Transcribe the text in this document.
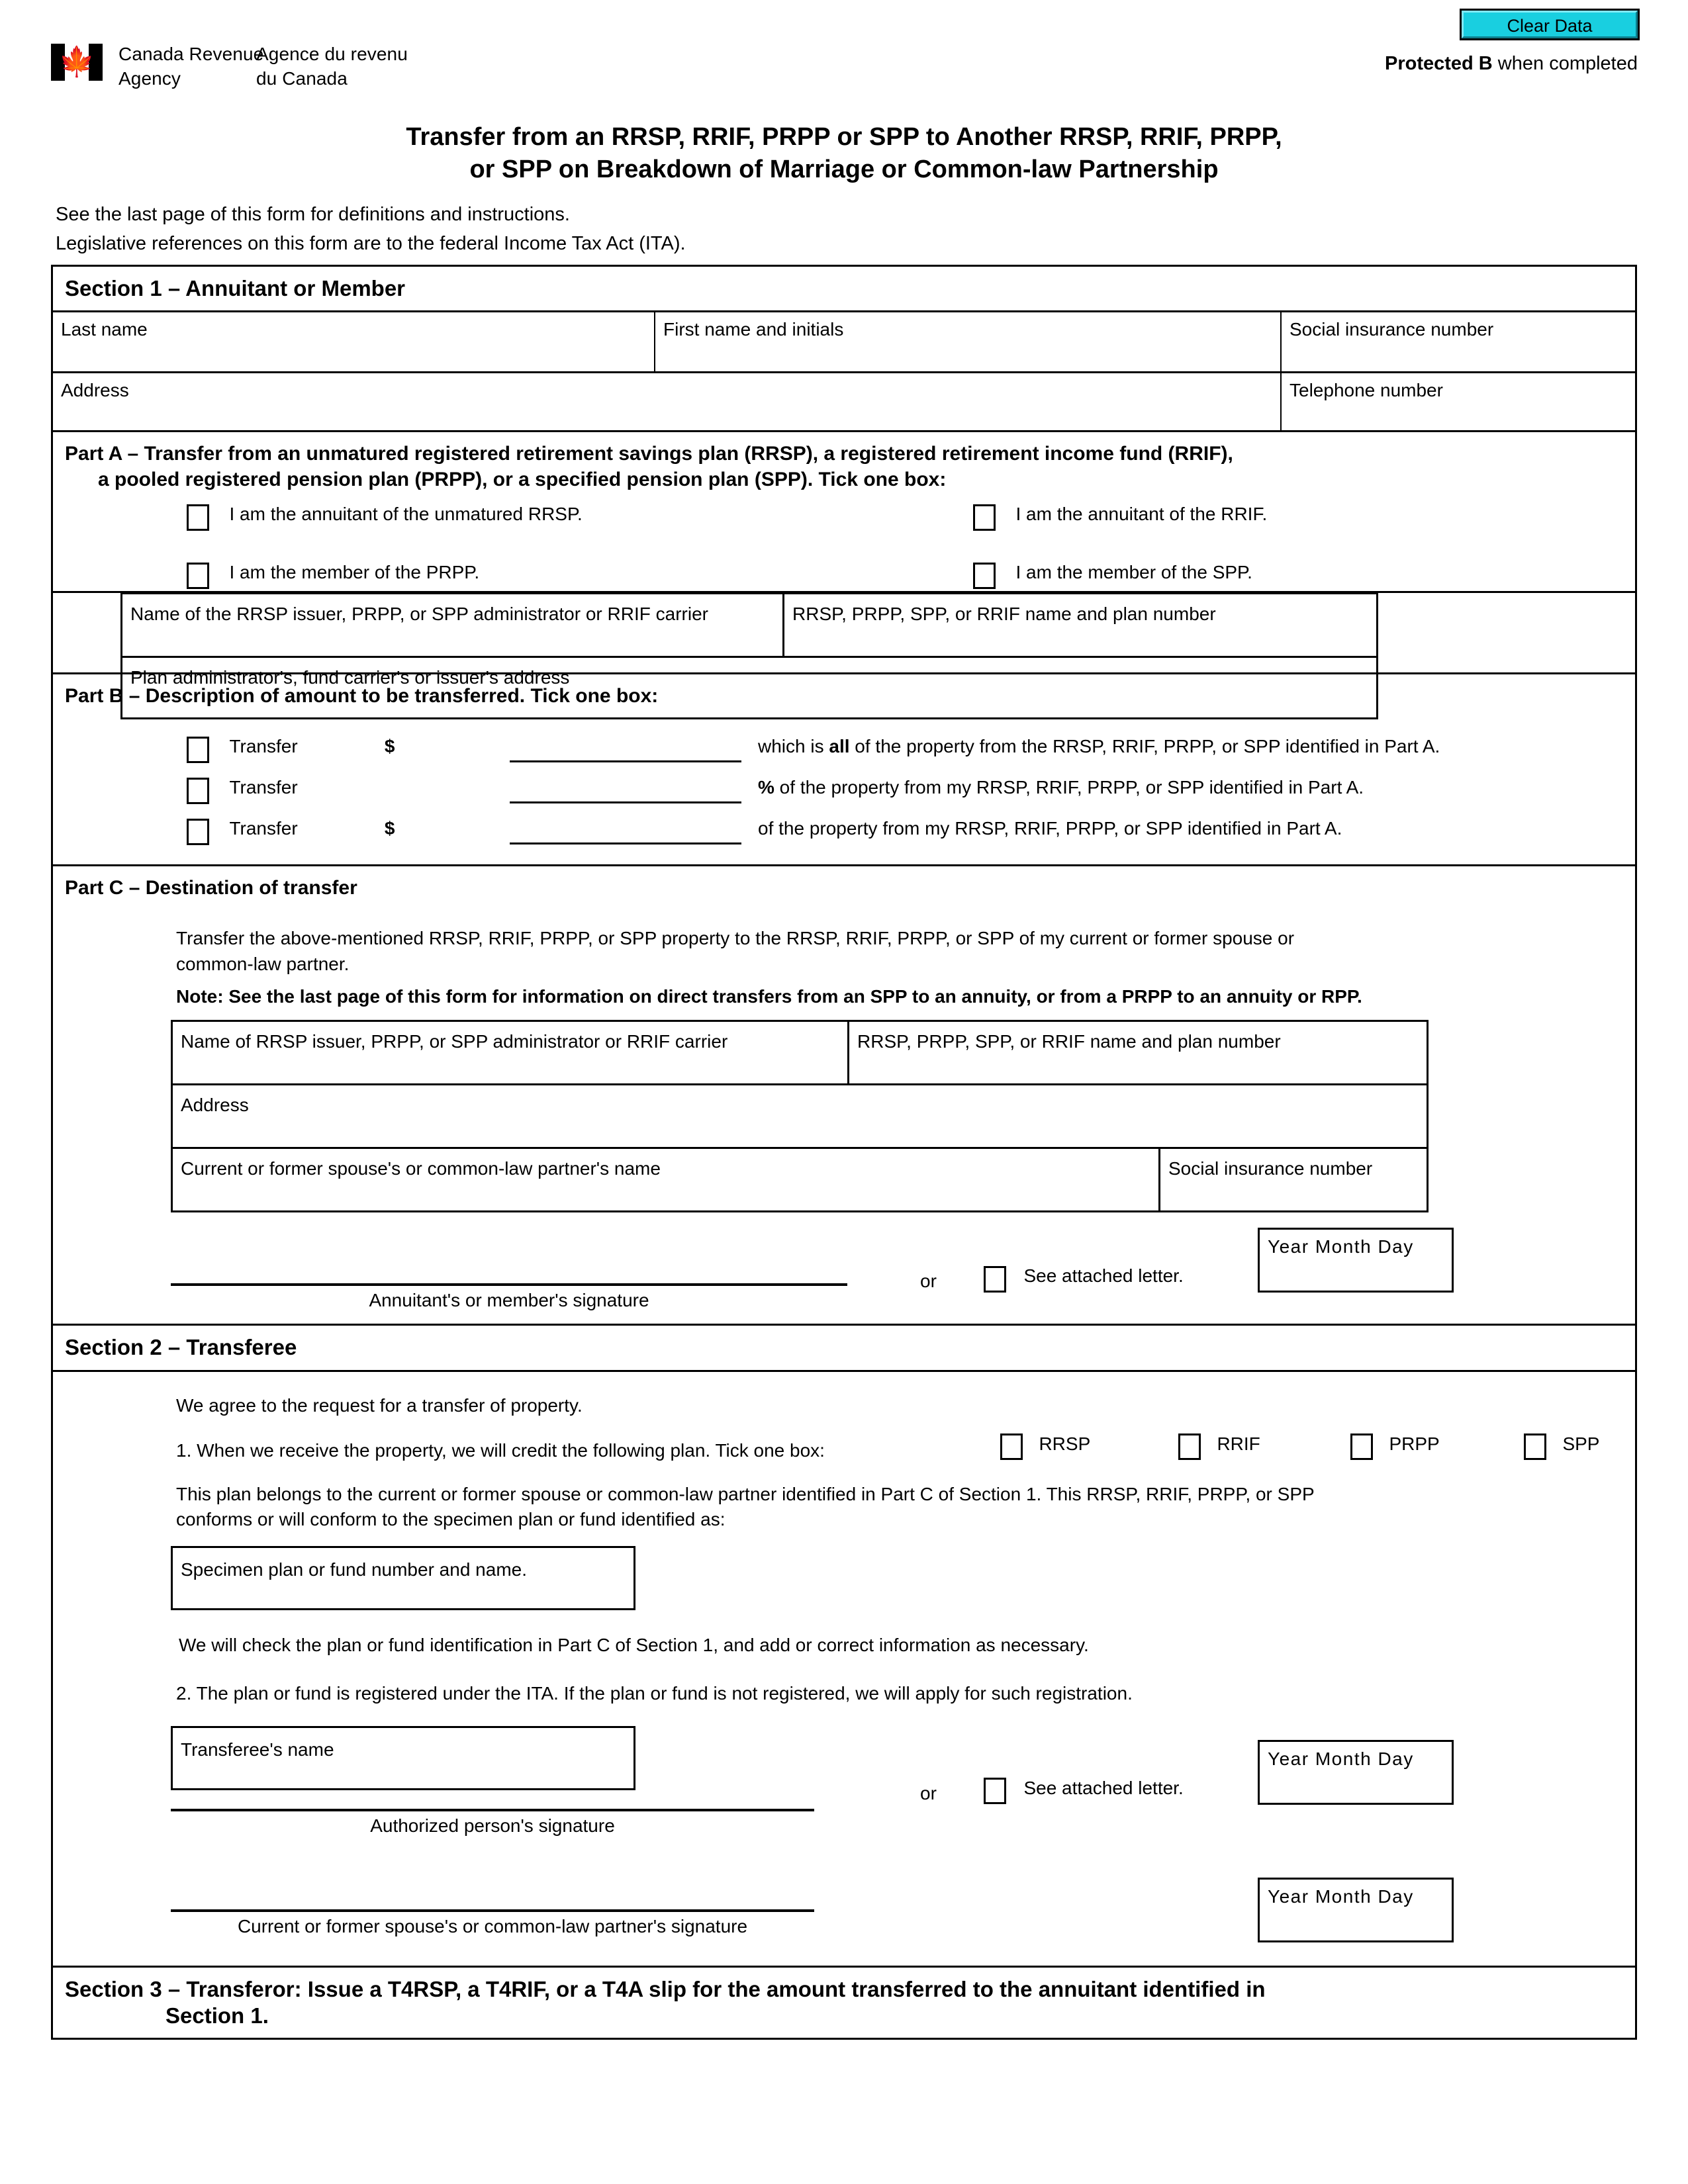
🍁 Canada Revenue
Agency
Agence du revenu
du Canada
Clear Data
Protected B when completed
Transfer from an RRSP, RRIF, PRPP or SPP to Another RRSP, RRIF, PRPP,
or SPP on Breakdown of Marriage or Common-law Partnership
See the last page of this form for definitions and instructions.
Legislative references on this form are to the federal Income Tax Act (ITA).
Section 1 – Annuitant or Member
Last name	First name and initials	Social insurance number
Address	Telephone number
Part A – Transfer from an unmatured registered retirement savings plan (RRSP), a registered retirement income fund (RRIF),
a pooled registered pension plan (PRPP), or a specified pension plan (SPP). Tick one box:
I am the annuitant of the unmatured RRSP.	I am the annuitant of the RRIF.
I am the member of the PRPP.	I am the member of the SPP.
Name of the RRSP issuer, PRPP, or SPP administrator or RRIF carrier	RRSP, PRPP, SPP, or RRIF name and plan number
Plan administrator's, fund carrier's or issuer's address
Part B – Description of amount to be transferred. Tick one box:
Transfer	$	which is all of the property from the RRSP, RRIF, PRPP, or SPP identified in Part A.
Transfer	% of the property from my RRSP, RRIF, PRPP, or SPP identified in Part A.
Transfer	$	of the property from my RRSP, RRIF, PRPP, or SPP identified in Part A.
Part C – Destination of transfer
Transfer the above-mentioned RRSP, RRIF, PRPP, or SPP property to the RRSP, RRIF, PRPP, or SPP of my current or former spouse or
common-law partner.
Note: See the last page of this form for information on direct transfers from an SPP to an annuity, or from a PRPP to an annuity or RPP.
Name of RRSP issuer, PRPP, or SPP administrator or RRIF carrier	RRSP, PRPP, SPP, or RRIF name and plan number
Address
Current or former spouse's or common-law partner's name	Social insurance number
Annuitant's or member's signature
or	See attached letter.
Year Month Day
Section 2 – Transferee
We agree to the request for a transfer of property.
1. When we receive the property, we will credit the following plan. Tick one box:	RRSP	RRIF	PRPP	SPP
This plan belongs to the current or former spouse or common-law partner identified in Part C of Section 1. This RRSP, RRIF, PRPP, or SPP
conforms or will conform to the specimen plan or fund identified as:
Specimen plan or fund number and name.
We will check the plan or fund identification in Part C of Section 1, and add or correct information as necessary.
2. The plan or fund is registered under the ITA. If the plan or fund is not registered, we will apply for such registration.
Transferee's name
or	See attached letter.
Year Month Day
Authorized person's signature
Year Month Day
Current or former spouse's or common-law partner's signature
Section 3 – Transferor: Issue a T4RSP, a T4RIF, or a T4A slip for the amount transferred to the annuitant identified in
Section 1.
